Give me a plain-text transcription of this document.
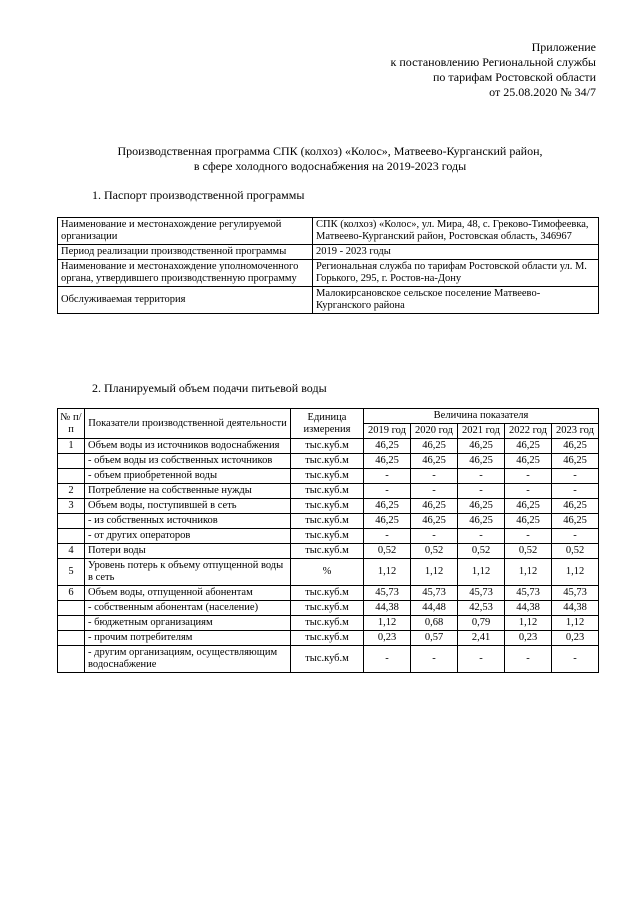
Приложение
к постановлению Региональной службы
по тарифам Ростовской области
от 25.08.2020 № 34/7
Производственная программа СПК (колхоз) «Колос», Матвеево-Курганский район,
в сфере холодного водоснабжения на 2019-2023 годы
1. Паспорт производственной программы
Наименование и местонахождение регулируемой организации	СПК (колхоз) «Колос», ул. Мира, 48, с. Греково-Тимофеевка, Матвеево-Курганский район, Ростовская область, 346967
Период реализации производственной программы	2019 - 2023 годы
Наименование и местонахождение уполномоченного органа, утвердившего производственную программу	Региональная служба по тарифам Ростовской области ул. М. Горького, 295, г. Ростов-на-Дону
Обслуживаемая территория	Малокирсановское сельское поселение Матвеево-Курганского района
2. Планируемый объем подачи питьевой воды
№ п/п	Показатели производственной деятельности	Единица измерения	Величина показателя				
			2019 год	2020 год	2021 год	2022 год	2023 год
1	Объем воды из источников водоснабжения	тыс.куб.м	46,25	46,25	46,25	46,25	46,25
	- объем воды из собственных источников	тыс.куб.м	46,25	46,25	46,25	46,25	46,25
	- объем приобретенной воды	тыс.куб.м	-	-	-	-	-
2	Потребление на собственные нужды	тыс.куб.м	-	-	-	-	-
3	Объем воды, поступившей в сеть	тыс.куб.м	46,25	46,25	46,25	46,25	46,25
	- из собственных источников	тыс.куб.м	46,25	46,25	46,25	46,25	46,25
	- от других операторов	тыс.куб.м	-	-	-	-	-
4	Потери воды	тыс.куб.м	0,52	0,52	0,52	0,52	0,52
5	Уровень потерь к объему отпущенной воды в сеть	%	1,12	1,12	1,12	1,12	1,12
6	Объем воды, отпущенной абонентам	тыс.куб.м	45,73	45,73	45,73	45,73	45,73
	- собственным абонентам (население)	тыс.куб.м	44,38	44,48	42,53	44,38	44,38
	- бюджетным организациям	тыс.куб.м	1,12	0,68	0,79	1,12	1,12
	- прочим потребителям	тыс.куб.м	0,23	0,57	2,41	0,23	0,23
	- другим организациям, осуществляющим водоснабжение	тыс.куб.м	-	-	-	-	-
